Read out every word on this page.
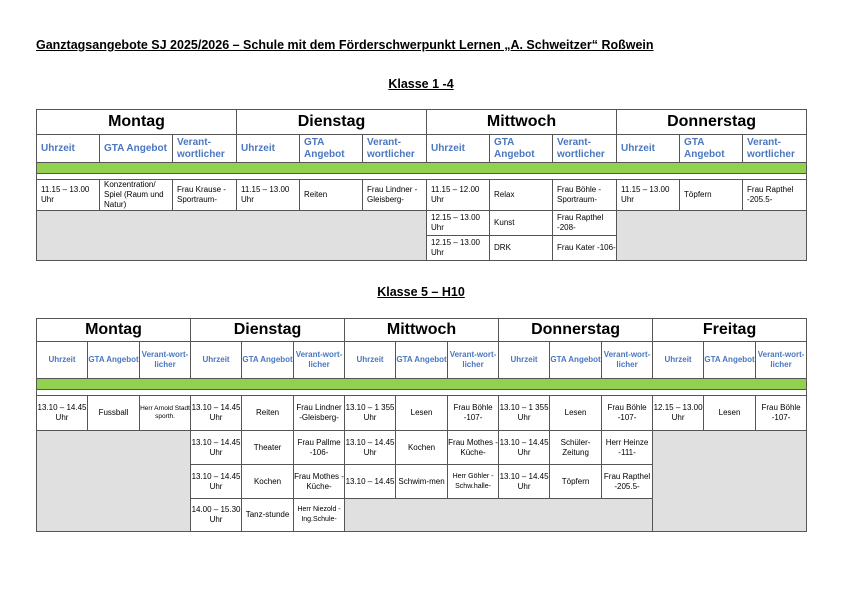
Ganztagsangebote SJ 2025/2026 – Schule mit dem Förderschwerpunkt Lernen „A. Schweitzer“ Roßwein
Klasse 1 -4
Montag			Dienstag			Mittwoch			Donnerstag		
Uhrzeit	GTA Angebot	Verant-wortlicher	Uhrzeit	GTA Angebot	Verant-wortlicher	Uhrzeit	GTA Angebot	Verant-wortlicher	Uhrzeit	GTA Angebot	Verant-wortlicher

11.15 – 13.00 Uhr	Konzentration/ Spiel (Raum und Natur)	Frau Krause -Sportraum-	11.15 – 13.00 Uhr	Reiten	Frau Lindner -Gleisberg-	11.15 – 12.00 Uhr	Relax	Frau Böhle -Sportraum-	11.15 – 13.00 Uhr	Töpfern	Frau Rapthel -205.5-
						12.15 – 13.00 Uhr	Kunst	Frau Rapthel -208-			
						12.15 – 13.00 Uhr	DRK	Frau Kater -106-			
Klasse 5 – H10
Montag			Dienstag			Mittwoch			Donnerstag			Freitag		
Uhrzeit	GTA Angebot	Verant-wort-licher	Uhrzeit	GTA Angebot	Verant-wort-licher	Uhrzeit	GTA Angebot	Verant-wort-licher	Uhrzeit	GTA Angebot	Verant-wort-licher	Uhrzeit	GTA Angebot	Verant-wort-licher

13.10 – 14.45 Uhr	Fussball	Herr Arnold Stadt sporth.	13.10 – 14.45 Uhr	Reiten	Frau Lindner -Gleisberg-	13.10 – 1 355 Uhr	Lesen	Frau Böhle -107-	13.10 – 1 355 Uhr	Lesen	Frau Böhle -107-	12.15 – 13.00 Uhr	Lesen	Frau Böhle -107-
			13.10 – 14.45 Uhr	Theater	Frau Pallme -106-	13.10 – 14.45 Uhr	Kochen	Frau Mothes -Küche-	13.10 – 14.45 Uhr	Schüler-Zeitung	Herr Heinze -111-			
			13.10 – 14.45 Uhr	Kochen	Frau Mothes -Küche-	13.10 – 14.45	Schwim-men	Herr Göhler -Schw.halle-	13.10 – 14.45 Uhr	Töpfern	Frau Rapthel -205.5-			
			14.00 – 15.30 Uhr	Tanz-stunde	Herr Niezold -Ing.Schule-									
